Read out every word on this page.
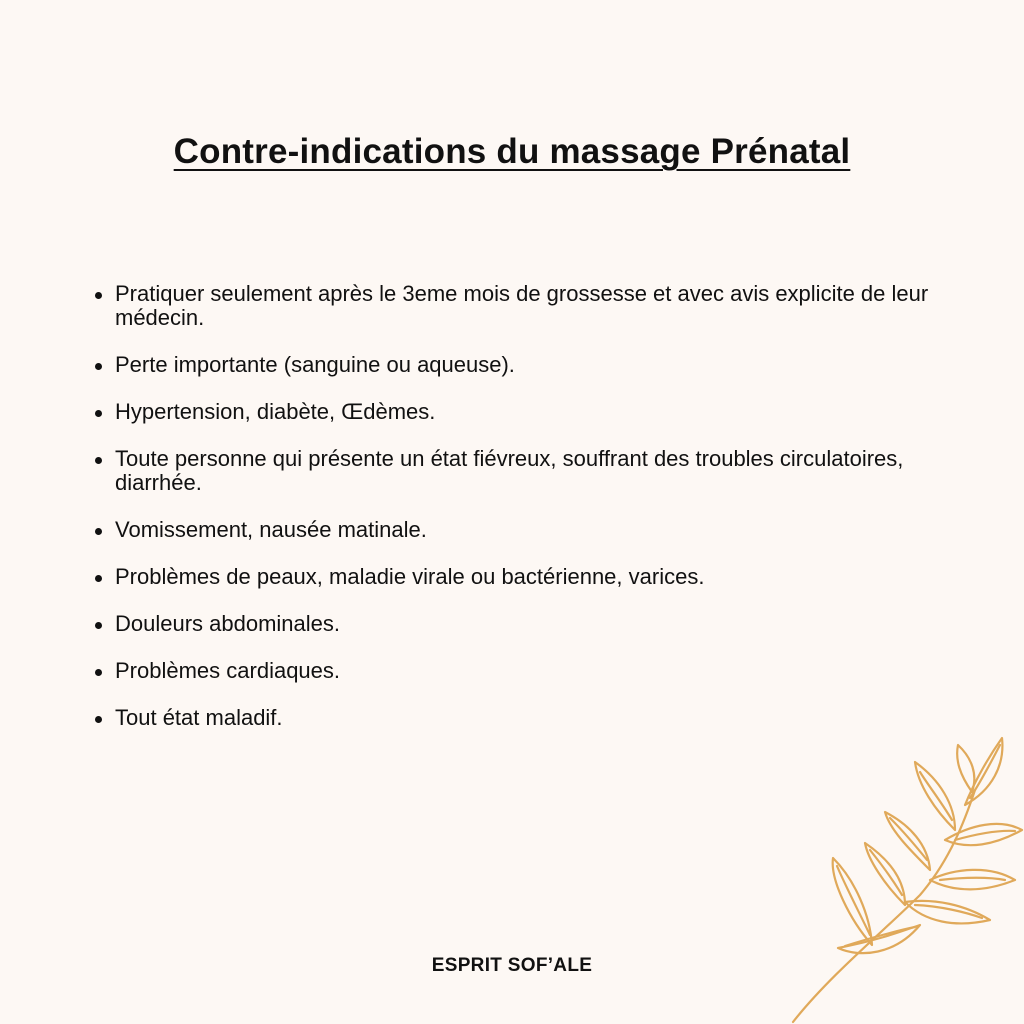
Contre-indications du massage Prénatal
Pratiquer seulement après le 3eme mois de grossesse et avec avis explicite de leur médecin.
Perte importante (sanguine ou aqueuse).
Hypertension, diabète, Œdèmes.
Toute personne qui présente un état fiévreux, souffrant des troubles circulatoires, diarrhée.
Vomissement, nausée matinale.
Problèmes de peaux, maladie virale ou bactérienne, varices.
Douleurs abdominales.
Problèmes cardiaques.
Tout état maladif.
ESPRIT SOF’ALE
